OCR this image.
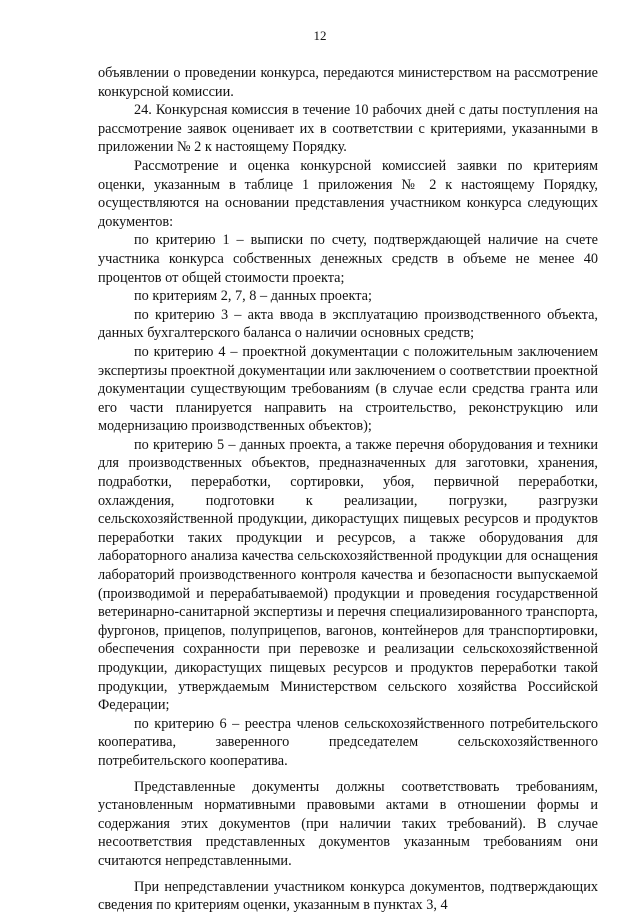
12

объявлении о проведении конкурса, передаются министерством на рассмотрение конкурсной комиссии.

24. Конкурсная комиссия в течение 10 рабочих дней с даты поступления на рассмотрение заявок оценивает их в соответствии с критериями, указанными в приложении № 2 к настоящему Порядку.

Рассмотрение и оценка конкурсной комиссией заявки по критериям оценки, указанным в таблице 1 приложения № 2 к настоящему Порядку, осуществляются на основании представления участником конкурса следующих документов:

по критерию 1 – выписки по счету, подтверждающей наличие на счете участника конкурса собственных денежных средств в объеме не менее 40 процентов от общей стоимости проекта;

по критериям 2, 7, 8 – данных проекта;

по критерию 3 – акта ввода в эксплуатацию производственного объекта, данных бухгалтерского баланса о наличии основных средств;

по критерию 4 – проектной документации с положительным заключением экспертизы проектной документации или заключением о соответствии проектной документации существующим требованиям (в случае если средства гранта или его части планируется направить на строительство, реконструкцию или модернизацию производственных объектов);

по критерию 5 – данных проекта, а также перечня оборудования и техники для производственных объектов, предназначенных для заготовки, хранения, подработки, переработки, сортировки, убоя, первичной переработки, охлаждения, подготовки к реализации, погрузки, разгрузки сельскохозяйственной продукции, дикорастущих пищевых ресурсов и продуктов переработки таких продукции и ресурсов, а также оборудования для лабораторного анализа качества сельскохозяйственной продукции для оснащения лабораторий производственного контроля качества и безопасности выпускаемой (производимой и перерабатываемой) продукции и проведения государственной ветеринарно-санитарной экспертизы и перечня специализированного транспорта, фургонов, прицепов, полуприцепов, вагонов, контейнеров для транспортировки, обеспечения сохранности при перевозке и реализации сельскохозяйственной продукции, дикорастущих пищевых ресурсов и продуктов переработки такой продукции, утверждаемым Министерством сельского хозяйства Российской Федерации;

по критерию 6 – реестра членов сельскохозяйственного потребительского кооператива, заверенного председателем сельскохозяйственного потребительского кооператива.

Представленные документы должны соответствовать требованиям, установленным нормативными правовыми актами в отношении формы и содержания этих документов (при наличии таких требований). В случае несоответствия представленных документов указанным требованиям они считаются непредставленными.

При непредставлении участником конкурса документов, подтверждающих сведения по критериям оценки, указанным в пунктах 3, 4
